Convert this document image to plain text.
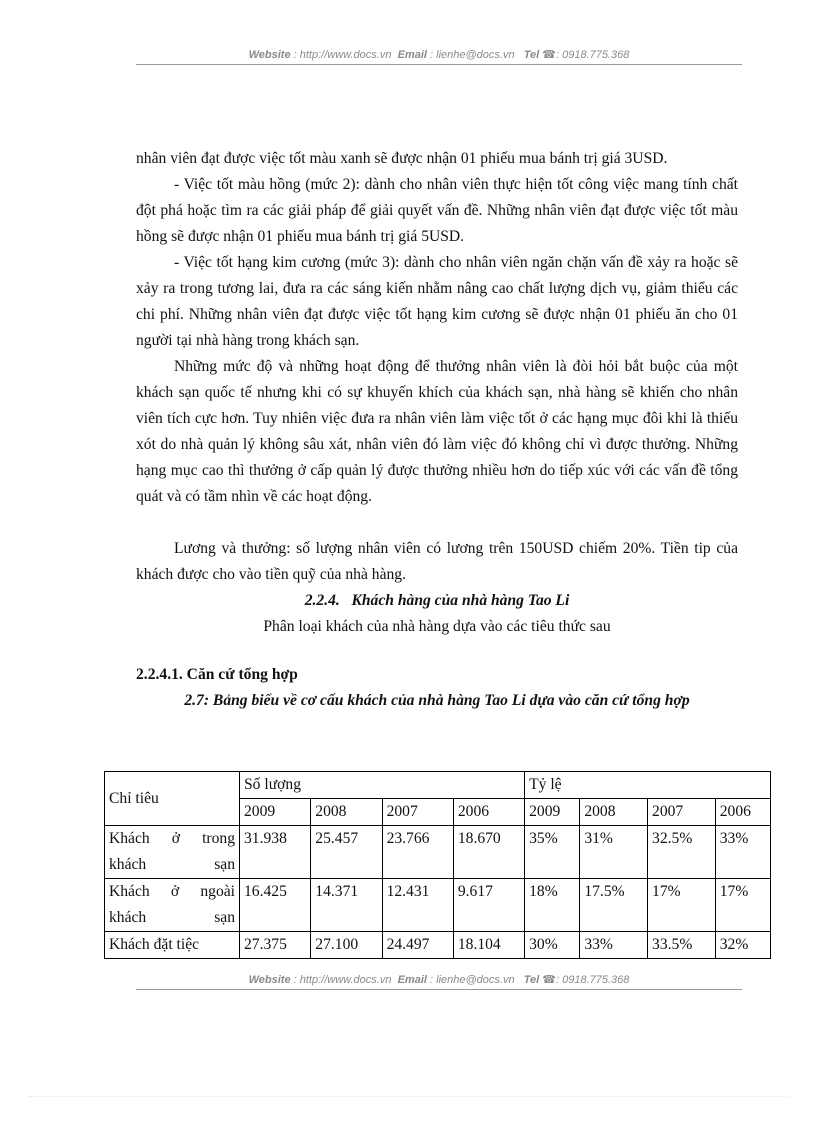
Website : http://www.docs.vn Email : lienhe@docs.vn Tel ☎: 0918.775.368

nhân viên đạt được việc tốt màu xanh sẽ được nhận 01 phiếu mua bánh trị giá 3USD.

- Việc tốt màu hồng (mức 2): dành cho nhân viên thực hiện tốt công việc mang tính chất đột phá hoặc tìm ra các giải pháp để giải quyết vấn đề. Những nhân viên đạt được việc tốt màu hồng sẽ được nhận 01 phiếu mua bánh trị giá 5USD.

- Việc tốt hạng kim cương (mức 3): dành cho nhân viên ngăn chặn vấn đề xảy ra hoặc sẽ xảy ra trong tương lai, đưa ra các sáng kiến nhằm nâng cao chất lượng dịch vụ, giảm thiểu các chi phí. Những nhân viên đạt được việc tốt hạng kim cương sẽ được nhận 01 phiếu ăn cho 01 người tại nhà hàng trong khách sạn.

Những mức độ và những hoạt động để thưởng nhân viên là đòi hỏi bắt buộc của một khách sạn quốc tế nhưng khi có sự khuyến khích của khách sạn, nhà hàng sẽ khiến cho nhân viên tích cực hơn. Tuy nhiên việc đưa ra nhân viên làm việc tốt ở các hạng mục đôi khi là thiếu xót do nhà quản lý không sâu xát, nhân viên đó làm việc đó không chỉ vì được thưởng. Những hạng mục cao thì thưởng ở cấp quản lý được thưởng nhiều hơn do tiếp xúc với các vấn đề tổng quát và có tầm nhìn về các hoạt động.

Lương và thưởng: số lượng nhân viên có lương trên 150USD chiếm 20%. Tiền tip của khách được cho vào tiền quỹ của nhà hàng.

2.2.4.   Khách hàng của nhà hàng Tao Li

Phân loại khách của nhà hàng dựa vào các tiêu thức sau

2.2.4.1. Căn cứ tổng hợp

2.7: Bảng biểu về cơ cấu khách của nhà hàng Tao Li dựa vào căn cứ tổng hợp

Chỉ tiêu	Số lượng				Tỷ lệ			
	2009	2008	2007	2006	2009	2008	2007	2006
Khách ở trong khách sạn	31.938	25.457	23.766	18.670	35%	31%	32.5%	33%
Khách ở ngoài khách sạn	16.425	14.371	12.431	9.617	18%	17.5%	17%	17%
Khách đặt tiệc	27.375	27.100	24.497	18.104	30%	33%	33.5%	32%
Website : http://www.docs.vn Email : lienhe@docs.vn Tel ☎: 0918.775.368
